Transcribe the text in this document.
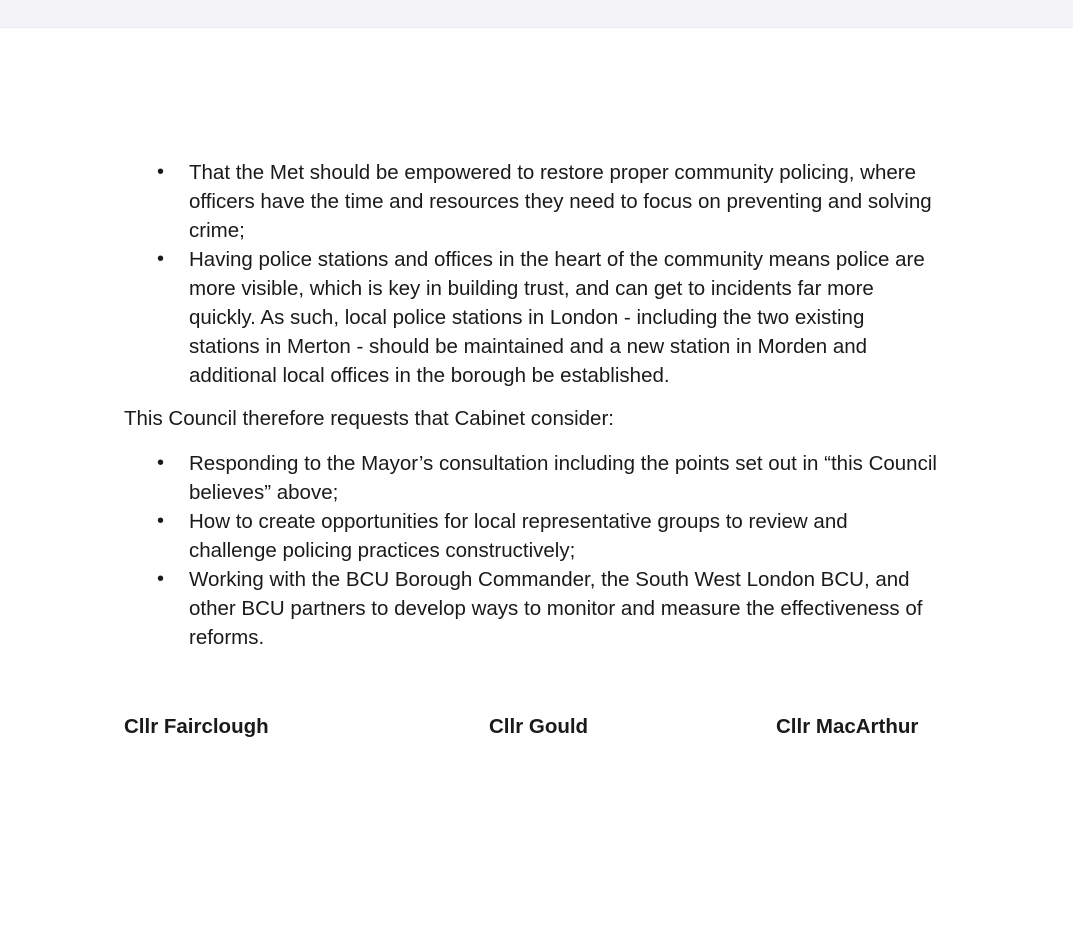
• That the Met should be empowered to restore proper community policing, where officers have the time and resources they need to focus on preventing and solving crime;
• Having police stations and offices in the heart of the community means police are more visible, which is key in building trust, and can get to incidents far more quickly. As such, local police stations in London - including the two existing stations in Merton - should be maintained and a new station in Morden and additional local offices in the borough be established.
This Council therefore requests that Cabinet consider:
• Responding to the Mayor’s consultation including the points set out in “this Council believes” above;
• How to create opportunities for local representative groups to review and challenge policing practices constructively;
• Working with the BCU Borough Commander, the South West London BCU, and other BCU partners to develop ways to monitor and measure the effectiveness of reforms.
Cllr Fairclough	Cllr Gould	Cllr MacArthur
